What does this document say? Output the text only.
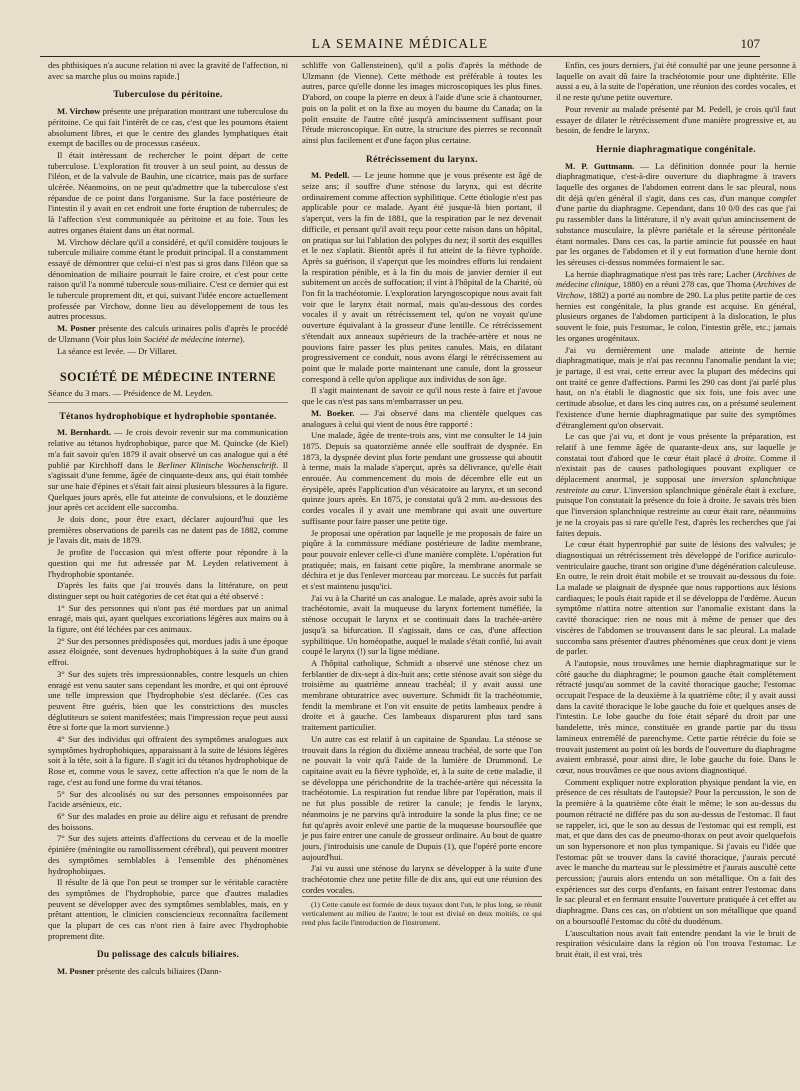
LA SEMAINE MÉDICALE	107

des phthisiques n'a aucune relation ni avec la gravité de l'affection, ni avec sa marche plus ou moins rapide.]

Tuberculose du péritoine.

M. Virchow présente une préparation montrant une tuberculose du péritoine. Ce qui fait l'intérêt de ce cas, c'est que les poumons étaient absolument libres, et que le centre des glandes lymphatiques était exempt de bacilles ou de processus caséeux.

Il était intéressant de rechercher le point départ de cette tuberculose. L'exploration fit trouver à un seul point, au dessus de l'iléon, et de la valvule de Bauhin, une cicatrice, mais pas de surface ulcérée. Néanmoins, on ne peut qu'admettre que la tuberculose s'est répandue de ce point dans l'organisme. Sur la face postérieure de l'intestin il y avait en cet endroit une forte éruption de tubercules; de là l'affection s'est communiquée au péritoine et au foie. Tous les autres organes étaient dans un état normal.

M. Virchow déclare qu'il a considéré, et qu'il considère toujours le tubercule miliaire comme étant le produit principal. Il a constamment essayé de démontrer que celui-ci n'est pas si gros dans l'iléon que sa dénomination de miliaire pourrait le faire croire, et c'est pour cette raison qu'il l'a nommé tubercule sous-miliaire. C'est ce dernier qui est le tubercule proprement dit, et qui, suivant l'idée encore actuellement professée par Virchow, donne lieu au développement de tous les autres processus.

M. Posner présente des calculs urinaires polis d'après le procédé de Ulzmann (Voir plus loin Société de médecine interne).

La séance est levée. — Dr Villaret.

SOCIÉTÉ DE MÉDECINE INTERNE
Séance du 3 mars. — Présidence de M. Leyden.
Tétanos hydrophobique et hydrophobie spontanée.

M. Bernhardt. — Je crois devoir revenir sur ma communication relative au tétanos hydrophobique, parce que M. Quincke (de Kiel) m'a fait savoir qu'en 1879 il avait observé un cas analogue qui a été publié par Kirchhoff dans le Berliner Klinische Wochenschrift. Il s'agissait d'une femme, âgée de cinquante-deux ans, qui était tombée sur une haie d'épines et s'était fait ainsi plusieurs blessures à la figure. Quelques jours après, elle fut atteinte de convulsions, et le douzième jour après cet accident elle succomba.

Je dois donc, pour être exact, déclarer aujourd'hui que les premières observations de pareils cas ne datent pas de 1882, comme je l'avais dit, mais de 1879.

Je profite de l'occasion qui m'est offerte pour répondre à la question qui me fut adressée par M. Leyden relativement à l'hydrophobie spontanée.

D'après les faits que j'ai trouvés dans la littérature, on peut distinguer sept ou huit catégories de cet état qui a été observé :

1° Sur des personnes qui n'ont pas été mordues par un animal enragé, mais qui, ayant quelques excoriations légères aux mains ou à la figure, ont été léchées par ces animaux.

2° Sur des personnes prédisposées qui, mordues jadis à une époque assez éloignée, sont devenues hydrophobiques à la suite d'un grand effroi.

3° Sur des sujets très impressionnables, contre lesquels un chien enragé est venu sauter sans cependant les mordre, et qui ont éprouvé une telle impression que l'hydrophobie s'est déclarée. (Ces cas peuvent être guéris, bien que les constrictions des muscles déglutiteurs se soient manifestées; mais l'impression reçue peut aussi être si forte que la mort survienne.)

4° Sur des individus qui offraient des symptômes analogues aux symptômes hydrophobiques, apparaissant à la suite de lésions légères soit à la tête, soit à la figure. Il s'agit ici du tétanos hydrophobique de Rose et, comme vous le savez, cette affection n'a que le nom de la rage, c'est au fond une forme du vrai tétanos.

5° Sur des alcoolisés ou sur des personnes empoisonnées par l'acide arsénieux, etc.

6° Sur des malades en proie au délire aigu et refusant de prendre des boissons.

7° Sur des sujets atteints d'affections du cerveau et de la moelle épinière (méningite ou ramollissement cérébral), qui peuvent montrer des symptômes semblables à l'ensemble des phénomènes hydrophobiques.

Il résulte de là que l'on peut se tromper sur le véritable caractère des symptômes de l'hydrophobie, parce que d'autres maladies peuvent se développer avec des symptômes semblables, mais, en y prêtant attention, le clinicien consciencieux reconnaîtra facilement que la plupart de ces cas n'ont rien à faire avec l'hydrophobie proprement dite.

Du polissage des calculs biliaires.

M. Posner présente des calculs biliaires (Dann-

schliffe von Gallensteinen), qu'il a polis d'après la méthode de Ulzmann (de Vienne). Cette méthode est préférable à toutes les autres, parce qu'elle donne les images microscopiques les plus fines. D'abord, on coupe la pierre en deux à l'aide d'une scie à chantourner, puis on la polit et on la fixe au moyen du baume du Canada; on la polit ensuite de l'autre côté jusqu'à amincissement suffisant pour l'étude microscopique. En outre, la structure des pierres se reconnaît ainsi plus facilement et d'une façon plus certaine.

Rétrécissement du larynx.

M. Pedell. — Le jeune homme que je vous présente est âgé de seize ans; il souffre d'une sténose du larynx, qui est décrite ordinairement comme affection syphilitique. Cette étiologie n'est pas applicable pour ce malade. Ayant été jusque-là bien portant, il s'aperçut, vers la fin de 1881, que la respiration par le nez devenait difficile, et pensant qu'il avait reçu pour cette raison dans un hôpital, on pratiqua sur lui l'ablation des polypes du nez; il sortit des esquilles et le nez s'aplatit. Bientôt après il fut atteint de la fièvre typhoïde. Après sa guérison, il s'aperçut que les moindres efforts lui rendaient la respiration pénible, et à la fin du mois de janvier dernier il eut subitement un accès de suffocation; il vint à l'hôpital de la Charité, où l'on fit la trachéotomie. L'exploration laryngoscopique nous avait fait voir que le larynx était normal, mais qu'au-dessous des cordes vocales il y avait un rétrécissement tel, qu'on ne voyait qu'une ouverture équivalant à la grosseur d'une lentille. Ce rétrécissement s'étendait aux anneaux supérieurs de la trachée-artère et nous ne pouvions faire passer les plus petites canules. Mais, en dilatant progressivement ce conduit, nous avons élargi le rétrécissement au point que le malade porte maintenant une canule, dont la grosseur correspond à celle qu'on applique aux individus de son âge.

Il s'agit maintenant de savoir ce qu'il nous reste à faire et j'avoue que le cas n'est pas sans m'embarrasser un peu.

M. Boeker. — J'ai observé dans ma clientèle quelques cas analogues à celui qui vient de nous être rapporté :

Une malade, âgée de trente-trois ans, vint me consulter le 14 juin 1875. Depuis sa quatorzième année elle souffrait de dyspnée. En 1873, la dyspnée devint plus forte pendant une grossesse qui aboutit à terme, mais la malade s'aperçut, après sa délivrance, qu'elle était enrouée. Au commencement du mois de décembre elle eut un érysipèle, après l'application d'un vésicatoire au larynx, et un second quinze jours après. En 1875, je constatai qu'à 2 mm. au-dessous des cordes vocales il y avait une membrane qui avait une ouverture suffisante pour faire passer une petite tige.

Je proposai une opération par laquelle je me proposais de faire un piqûre à la commissure médiane postérieure de ladite membrane, pour pouvoir enlever celle-ci d'une manière complète. L'opération fut pratiquée; mais, en faisant cette piqûre, la membrane anormale se déchira et je dus l'enlever morceau par morceau. Le succès fut parfait et s'est maintenu jusqu'ici.

J'ai vu à la Charité un cas analogue. Le malade, après avoir subi la trachéotomie, avait la muqueuse du larynx fortement tuméfiée, la sténose occupait le larynx et se continuait dans la trachée-artère jusqu'à sa bifurcation. Il s'agissait, dans ce cas, d'une affection syphilitique. Un homéopathe, auquel le malade s'était confié, lui avait coupé le larynx (!) sur la ligne médiane.

A l'hôpital catholique, Schmidt a observé une sténose chez un ferblantier de dix-sept à dix-huit ans; cette sténose avait son siège du troisième au quatrième anneau trachéal; il y avait aussi une membrane obturatrice avec ouverture. Schmidt fit la trachéotomie, fendit la membrane et l'on vit ensuite de petits lambeaux pendre à droite et à gauche. Ces lambeaux disparurent plus tard sans traitement particulier.

Un autre cas est relatif à un capitaine de Spandau. La sténose se trouvait dans la région du dixième anneau trachéal, de sorte que l'on ne pouvait la voir qu'à l'aide de la lumière de Drummond. Le capitaine avait eu la fièvre typhoïde, et, à la suite de cette maladie, il se développa une périchondrite de la trachée-artère qui nécessita la trachéotomie. La respiration fut rendue libre par l'opération, mais il ne fut plus possible de retirer la canule; je fendis le larynx, néanmoins je ne parvins qu'à introduire la sonde la plus fine; ce ne fut qu'après avoir enlevé une partie de la muqueuse boursouflée que je pus faire entrer une canule de grosseur ordinaire. Au bout de quatre jours, j'introduisis une canule de Dupuis (1), que l'opéré porte encore aujourd'hui.

J'ai vu aussi une sténose du larynx se développer à la suite d'une trachéotomie chez une petite fille de dix ans, qui eut une réunion des cordes vocales.

(1) Cette canule est formée de deux tuyaux dont l'un, le plus long, se réunit verticalement au milieu de l'autre; le tout est divisé en deux moitiés, ce qui rend plus facile l'introduction de l'instrument.

Enfin, ces jours derniers, j'ai été consulté par une jeune personne à laquelle on avait dû faire la trachéotomie pour une diphtérite. Elle aussi a eu, à la suite de l'opération, une réunion des cordes vocales, et il ne reste qu'une petite ouverture.

Pour revenir au malade présenté par M. Pedell, je crois qu'il faut essayer de dilater le rétrécissement d'une manière progressive et, au besoin, de fendre le larynx.

Hernie diaphragmatique congénitale.

M. P. Guttmann. — La définition donnée pour la hernie diaphragmatique, c'est-à-dire ouverture du diaphragme à travers laquelle des organes de l'abdomen entrent dans le sac pleural, nous dit déjà qu'en général il s'agit, dans ces cas, d'un manque complet d'une partie du diaphragme. Cependant, dans 10 0/0 des cas que j'ai pu rassembler dans la littérature, il n'y avait qu'un amincissement de substance musculaire, la plèvre pariétale et la séreuse péritonéale étant normales. Dans ces cas, la partie amincie fut poussée en haut par les organes de l'abdomen et il y eut formation d'une hernie dont les séreuses ci-dessus nommées formaient le sac.

La hernie diaphragmatique n'est pas très rare; Lacher (Archives de médecine clinique, 1880) en a réuni 278 cas, que Thoma (Archives de Virchow, 1882) a porté au nombre de 290. La plus petite partie de ces hernies est congénitale, la plus grande est acquise. En général, plusieurs organes de l'abdomen participent à la dislocation, le plus souvent le foie, puis l'estomac, le colon, l'intestin grêle, etc.; jamais les organes urogénitaux.

J'ai vu dernièrement une malade atteinte de hernie diaphragmatique, mais je n'ai pas reconnu l'anomalie pendant la vie; je partage, il est vrai, cette erreur avec la plupart des médecins qui ont traité ce genre d'affections. Parmi les 290 cas dont j'ai parlé plus haut, on n'a établi le diagnostic que six fois, une fois avec une certitude absolue, et dans les cinq autres cas, on a présumé seulement l'existence d'une hernie diaphragmatique par suite des symptômes d'étranglement qu'on observait.

Le cas que j'ai vu, et dont je vous présente la préparation, est relatif à une femme âgée de quarante-deux ans, sur laquelle je constatai tout d'abord que le cœur était placé à droite. Comme il n'existait pas de causes pathologiques pouvant expliquer ce déplacement anormal, je supposai une inversion splanchnique restreinte au cœur. L'inversion splanchnique générale était à exclure, puisque l'on constatait la présence du foie à droite. Je savais très bien que l'inversion splanchnique restreinte au cœur était rare, néanmoins je ne la croyais pas si rare qu'elle l'est, d'après les recherches que j'ai faites depuis.

Le cœur était hypertrophié par suite de lésions des valvules; je diagnostiquai un rétrécissement très développé de l'orifice auriculo-ventriculaire gauche, tirant son origine d'une dégénération calculeuse. En outre, le rein droit était mobile et se trouvait au-dessous du foie. La malade se plaignait de dyspnée que nous rapportions aux lésions cardiaques; le pouls était rapide et il se développa de l'œdème. Aucun symptôme n'attira notre attention sur l'anomalie existant dans la cavité thoracique: rien ne nous mit à même de penser que des viscères de l'abdomen se trouvassent dans le sac pleural. La malade succomba sans présenter d'autres phénomènes que ceux dont je viens de parler.

A l'autopsie, nous trouvâmes une hernie diaphragmatique sur le côté gauche du diaphragme; le poumon gauche était complètement rétracté jusqu'au sommet de la cavité thoracique gauche; l'estomac occupait l'espace de la deuxième à la quatrième côte; il y avait aussi dans la cavité thoracique le lobe gauche du foie et quelques anses de l'intestin. Le lobe gauche du foie était séparé du droit par une bandelette, très mince, constituée en grande partie par du tissu lamineux entremêlé de parenchyme. Cette partie rétrécie du foie se trouvait justement au point où les bords de l'ouverture du diaphragme avaient embrassé, pour ainsi dire, le lobe gauche du foie. Dans le cœur, nous trouvâmes ce que nous avions diagnostiqué.

Comment expliquer notre exploration physique pendant la vie, en présence de ces résultats de l'autopsie? Pour la percussion, le son de la première à la quatrième côte était le même; le son au-dessus du poumon rétracté ne différe pas du son au-dessus de l'estomac. Il faut se rappeler, ici, que le son au dessus de l'estomac qui est rempli, est mat, et que dans des cas de pneumo-thorax on peut avoir quelquefois un son hypersonore et non plus tympanique. Si j'avais eu l'idée que l'estomac pût se trouver dans la cavité thoracique, j'aurais percuté avec le manche du marteau sur le plessimètre et j'aurais auscultè cette percussion; j'aurais alors entendu un son métallique. On a fait des expériences sur des corps d'enfants, en faisant entrer l'estomac dans le sac pleural et en fermant ensuite l'ouverture pratiquée à cet effet au diaphragme. Dans ces cas, on n'obtient un son métallique que quand on a boursouflé l'estomac du côté du duodénum.

L'auscultation nous avait fait entendre pendant la vie le bruit de respiration vésiculaire dans la région où l'on trouva l'estomac. Le bruit était, il est vrai, très
